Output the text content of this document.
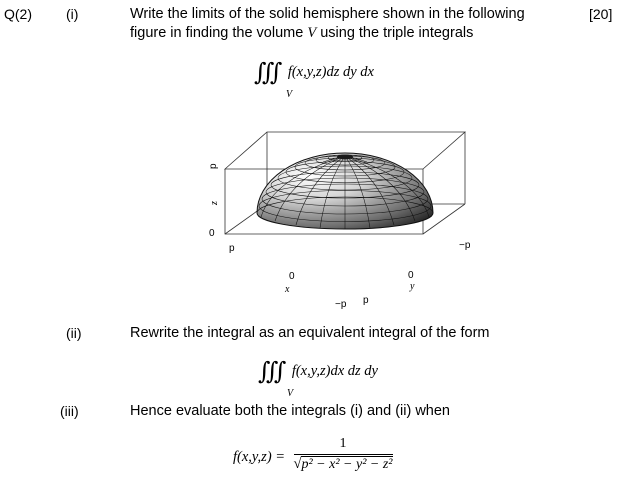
Q(2) (i)	[20]
Write the limits of the solid hemisphere shown in the following
figure in finding the volume V using the triple integrals
∭ f(x,y,z)dz dy dx
V
p
z
0
p	−p
0
x
0
y
−p p
(ii)	Rewrite the integral as an equivalent integral of the form
∭ f(x,y,z)dx dz dy
V
(iii)	Hence evaluate both the integrals (i) and (ii) when
$f(x,y,z) = \frac{1}{\text{√p² − x² − y² − z²}}$
